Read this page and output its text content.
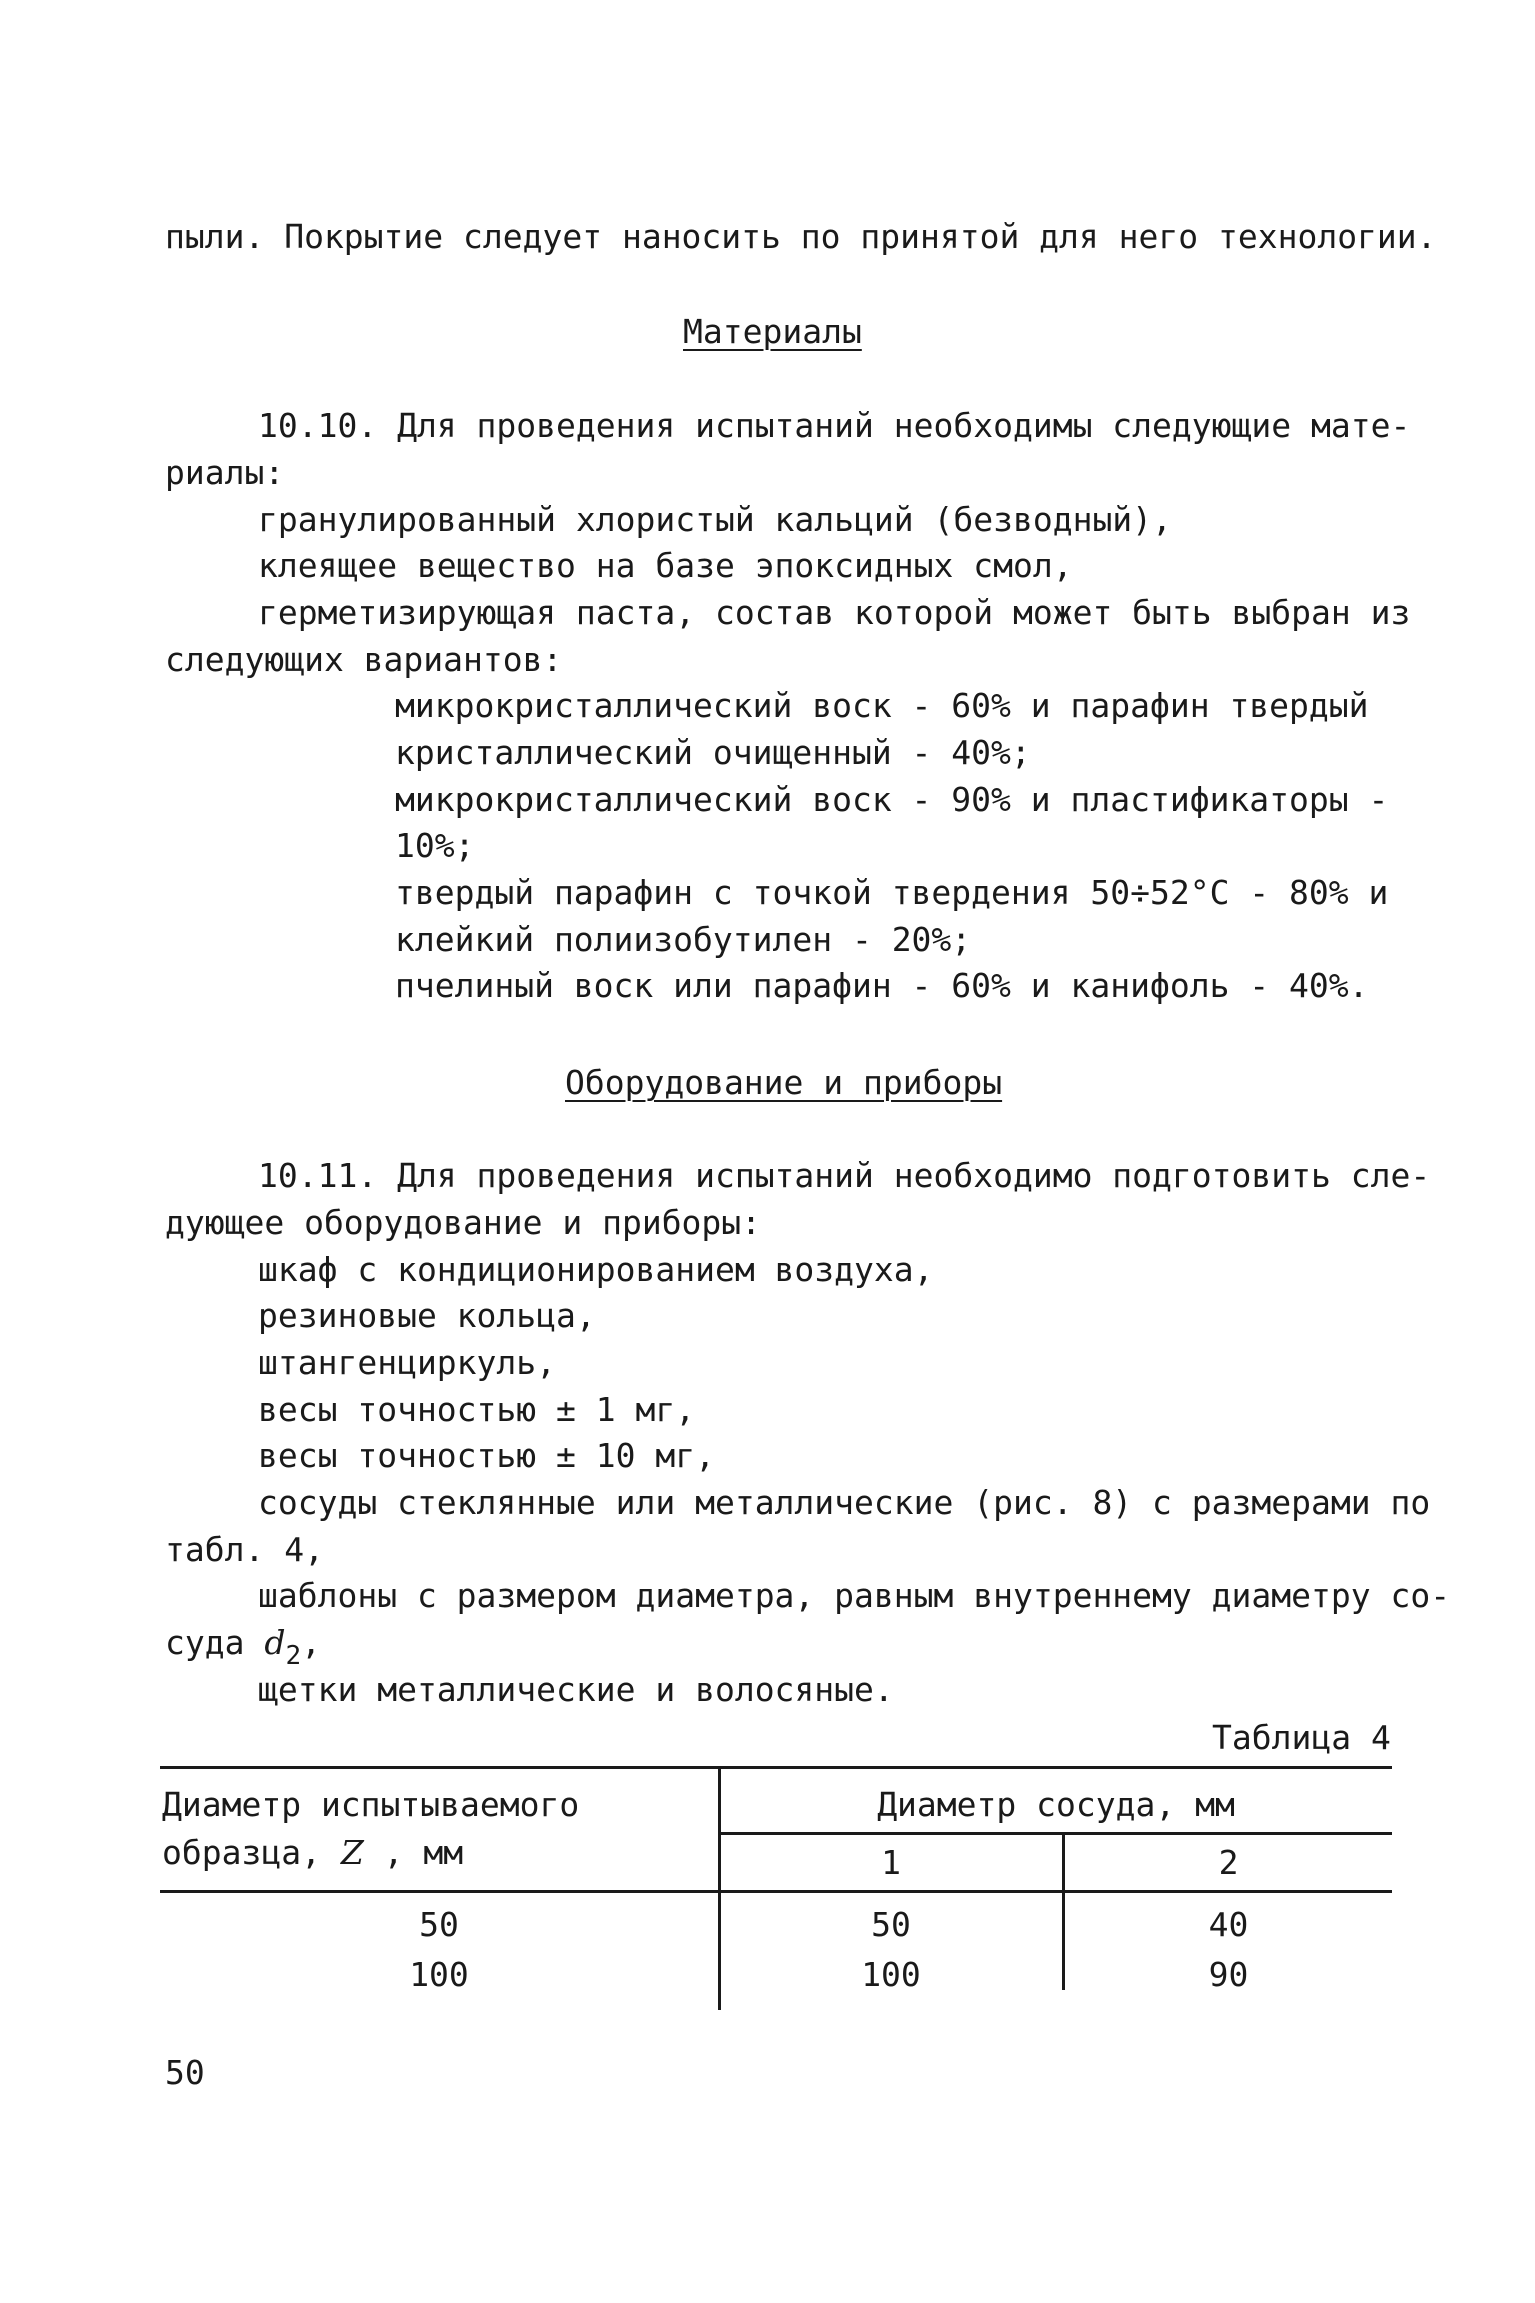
пыли. Покрытие следует наносить по принятой для него технологии.
Материалы
10.10. Для проведения испытаний необходимы следующие мате-
риалы:
гранулированный хлористый кальций (безводный),
клеящее вещество на базе эпоксидных смол,
герметизирующая паста, состав которой может быть выбран из
следующих вариантов:
микрокристаллический воск - 60% и парафин твердый
кристаллический очищенный - 40%;
микрокристаллический воск - 90% и пластификаторы -
10%;
твердый парафин с точкой твердения 50÷52°C - 80% и
клейкий полиизобутилен - 20%;
пчелиный воск или парафин - 60% и канифоль - 40%.
Оборудование и приборы
10.11. Для проведения испытаний необходимо подготовить сле-
дующее оборудование и приборы:
шкаф с кондиционированием воздуха,
резиновые кольца,
штангенциркуль,
весы точностью ± 1 мг,
весы точностью ± 10 мг,
сосуды стеклянные или металлические (рис. 8) с размерами по
табл. 4,
шаблоны с размером диаметра, равным внутреннему диаметру со-
суда $d_2$,
щетки металлические и волосяные.
Таблица 4
Диаметр испытываемого
образца, Z , мм
Диаметр сосуда, мм
1	2
50	50	40
100	100	90
50
